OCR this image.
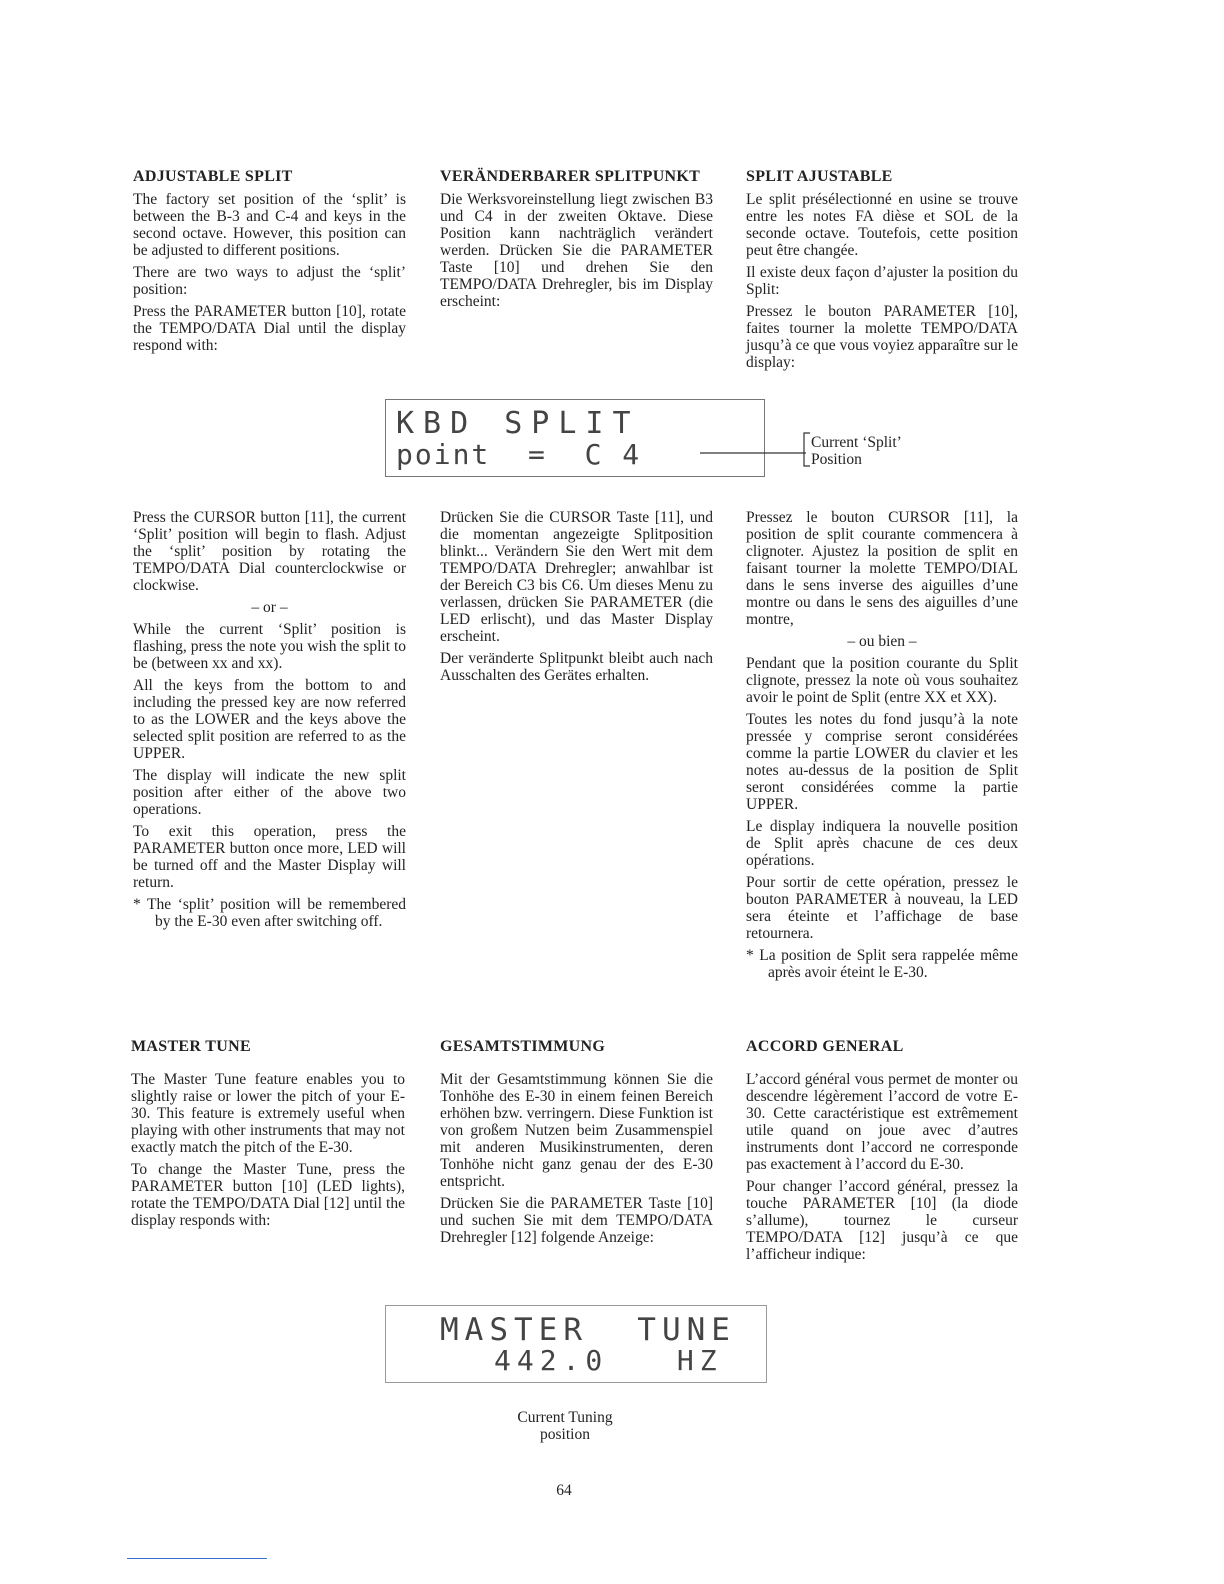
ADJUSTABLE SPLIT

The factory set position of the ‘split’ is between the B-3 and C-4 and keys in the second octave. However, this position can be adjusted to different positions.

There are two ways to adjust the ‘split’ position:

Press the PARAMETER button [10], rotate the TEMPO/DATA Dial until the display respond with:

VERÄNDERBARER SPLITPUNKT

Die Werksvoreinstellung liegt zwischen B3 und C4 in der zweiten Oktave. Diese Position kann nachträglich verändert werden. Drücken Sie die PARAMETER Taste [10] und drehen Sie den TEMPO/DATA Drehregler, bis im Display erscheint:

SPLIT AJUSTABLE

Le split présélectionné en usine se trouve entre les notes FA dièse et SOL de la seconde octave. Toutefois, cette position peut être changée.

Il existe deux façon d’ajuster la position du Split:

Pressez le bouton PARAMETER [10], faites tourner la molette TEMPO/DATA jusqu’à ce que vous voyiez apparaître sur le display:

KBD SPLIT
point  =  C 4	Current ‘Split’
Position

Press the CURSOR button [11], the current ‘Split’ position will begin to flash. Adjust the ‘split’ position by rotating the TEMPO/DATA Dial counterclockwise or clockwise.

– or –

While the current ‘Split’ position is flashing, press the note you wish the split to be (between xx and xx).

All the keys from the bottom to and including the pressed key are now referred to as the LOWER and the keys above the selected split position are referred to as the UPPER.

The display will indicate the new split position after either of the above two operations.

To exit this operation, press the PARAMETER button once more, LED will be turned off and the Master Display will return.

* The ‘split’ position will be remembered by the E-30 even after switching off.

Drücken Sie die CURSOR Taste [11], und die momentan angezeigte Splitposition blinkt... Verändern Sie den Wert mit dem TEMPO/DATA Drehregler; anwahlbar ist der Bereich C3 bis C6. Um dieses Menu zu verlassen, drücken Sie PARAMETER (die LED erlischt), und das Master Display erscheint.

Der veränderte Splitpunkt bleibt auch nach Ausschalten des Gerätes erhalten.

Pressez le bouton CURSOR [11], la position de split courante commencera à clignoter. Ajustez la position de split en faisant tourner la molette TEMPO/DIAL dans le sens inverse des aiguilles d’une montre ou dans le sens des aiguilles d’une montre,

– ou bien –

Pendant que la position courante du Split clignote, pressez la note où vous souhaitez avoir le point de Split (entre XX et XX).

Toutes les notes du fond jusqu’à la note pressée y comprise seront considérées comme la partie LOWER du clavier et les notes au-dessus de la position de Split seront considérées comme la partie UPPER.

Le display indiquera la nouvelle position de Split après chacune de ces deux opérations.

Pour sortir de cette opération, pressez le bouton PARAMETER à nouveau, la LED sera éteinte et l’affichage de base retournera.

* La position de Split sera rappelée même après avoir éteint le E-30.

MASTER TUNE

The Master Tune feature enables you to slightly raise or lower the pitch of your E-30. This feature is extremely useful when playing with other instruments that may not exactly match the pitch of the E-30.

To change the Master Tune, press the PARAMETER button [10] (LED lights), rotate the TEMPO/DATA Dial [12] until the display responds with:

GESAMTSTIMMUNG

Mit der Gesamtstimmung können Sie die Tonhöhe des E-30 in einem feinen Bereich erhöhen bzw. verringern. Diese Funktion ist von großem Nutzen beim Zusammenspiel mit anderen Musikinstrumenten, deren Tonhöhe nicht ganz genau der des E-30 entspricht.

Drücken Sie die PARAMETER Taste [10] und suchen Sie mit dem TEMPO/DATA Drehregler [12] folgende Anzeige:

ACCORD GENERAL

L’accord général vous permet de monter ou descendre légèrement l’accord de votre E-30. Cette caractéristique est extrêmement utile quand on joue avec d’autres instruments dont l’accord ne corresponde pas exactement à l’accord du E-30.

Pour changer l’accord général, pressez la touche PARAMETER [10] (la diode s’allume), tournez le curseur TEMPO/DATA [12] jusqu’à ce que l’afficheur indique:

MASTER  TUNE
442.0   HZ
Current Tuning
position
64
